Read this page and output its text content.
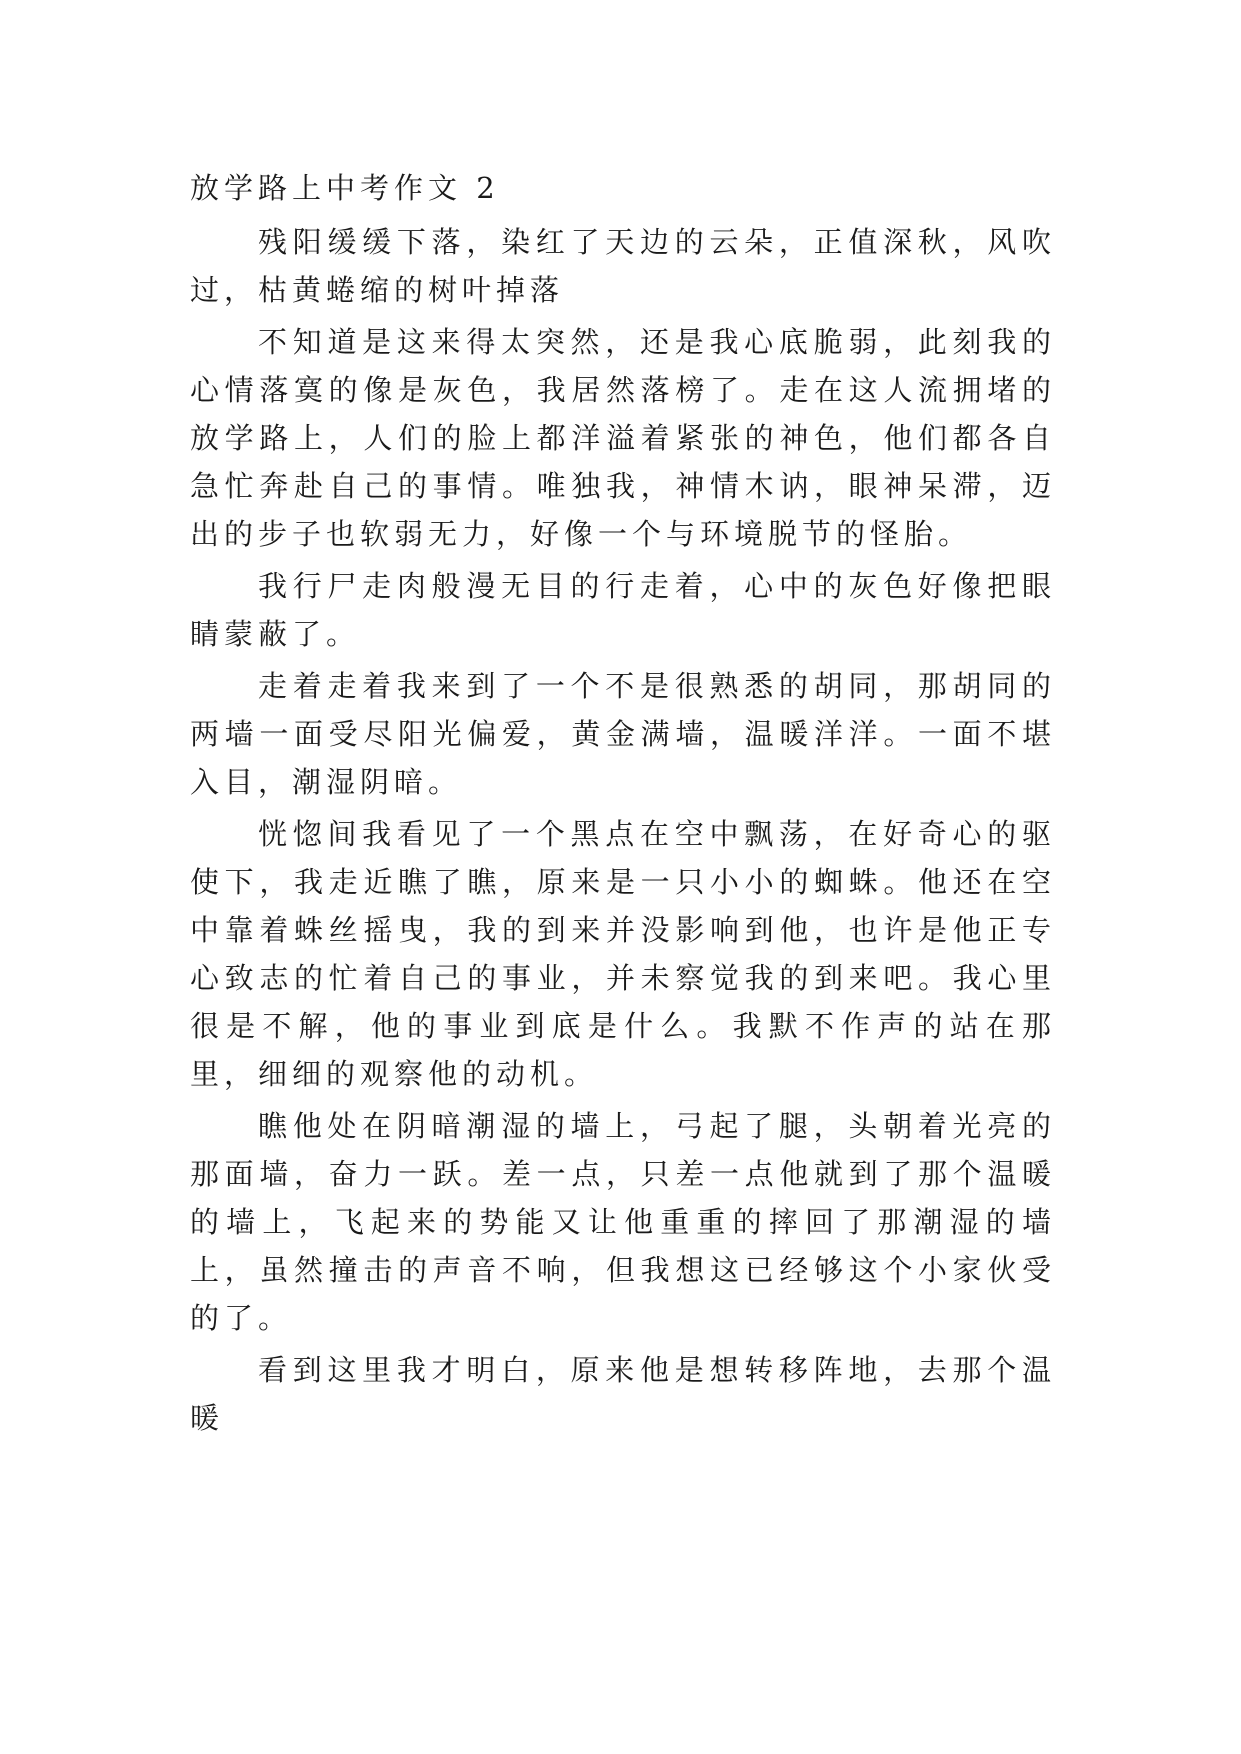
放学路上中考作文 2

残阳缓缓下落，染红了天边的云朵，正值深秋，风吹过，枯黄蜷缩的树叶掉落

不知道是这来得太突然，还是我心底脆弱，此刻我的心情落寞的像是灰色，我居然落榜了。走在这人流拥堵的放学路上，人们的脸上都洋溢着紧张的神色，他们都各自急忙奔赴自己的事情。唯独我，神情木讷，眼神呆滞，迈出的步子也软弱无力，好像一个与环境脱节的怪胎。

我行尸走肉般漫无目的行走着，心中的灰色好像把眼睛蒙蔽了。

走着走着我来到了一个不是很熟悉的胡同，那胡同的两墙一面受尽阳光偏爱，黄金满墙，温暖洋洋。一面不堪入目，潮湿阴暗。

恍惚间我看见了一个黑点在空中飘荡，在好奇心的驱使下，我走近瞧了瞧，原来是一只小小的蜘蛛。他还在空中靠着蛛丝摇曳，我的到来并没影响到他，也许是他正专心致志的忙着自己的事业，并未察觉我的到来吧。我心里很是不解，他的事业到底是什么。我默不作声的站在那里，细细的观察他的动机。

瞧他处在阴暗潮湿的墙上，弓起了腿，头朝着光亮的那面墙，奋力一跃。差一点，只差一点他就到了那个温暖的墙上，飞起来的势能又让他重重的摔回了那潮湿的墙上，虽然撞击的声音不响，但我想这已经够这个小家伙受的了。

看到这里我才明白，原来他是想转移阵地，去那个温暖
